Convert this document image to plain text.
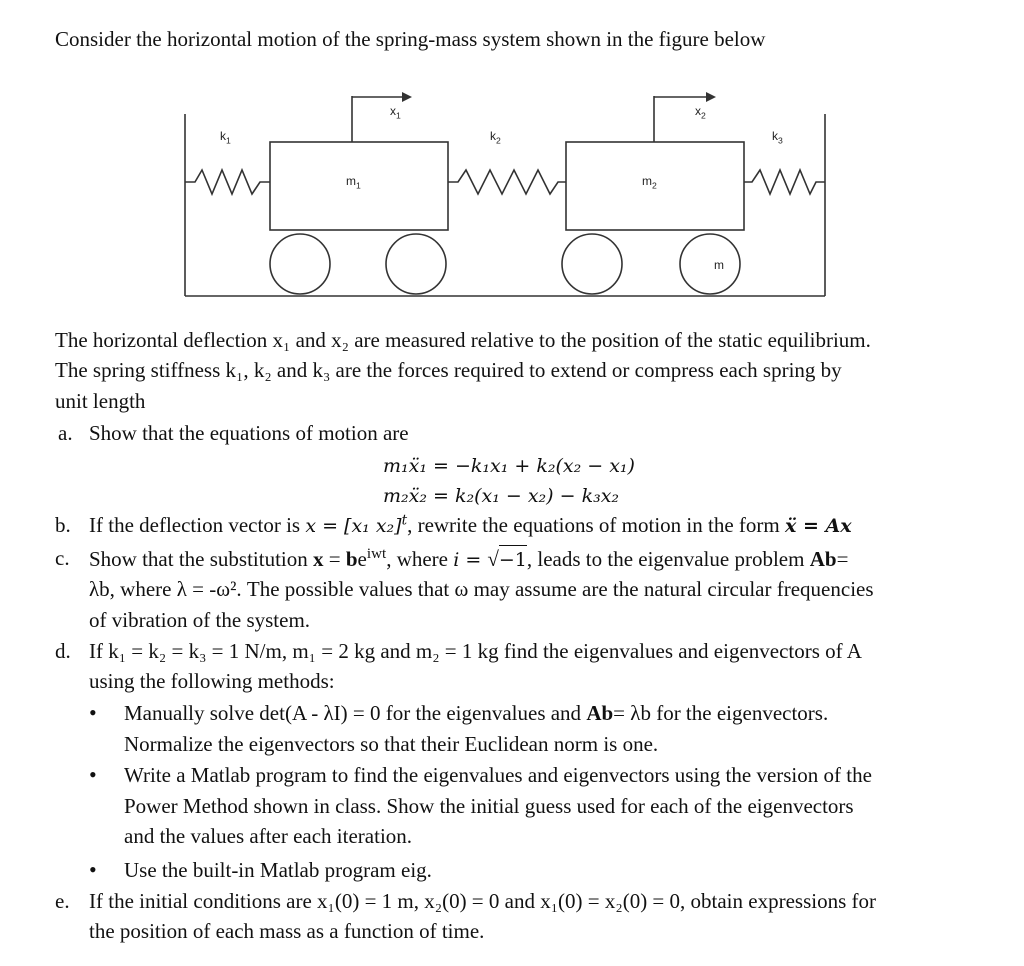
Consider the horizontal motion of the spring-mass system shown in the figure below
$x_1$	$x_2$
$k_1$	$k_2$	$k_3$
$m_1$	$m_2$
m
The horizontal deflection x₁ and x₂ are measured relative to the position of the static equilibrium.
The spring stiffness k₁, k₂ and k₃ are the forces required to extend or compress each spring by
unit length
a. Show that the equations of motion are
m₁ẍ₁ = −k₁x₁ + k₂(x₂ − x₁)
m₂ẍ₂ = k₂(x₁ − x₂) − k₃x₂
b. If the deflection vector is x = [x₁ x₂]$^t$, rewrite the equations of motion in the form ẍ = Ax
c. Show that the substitution $x = be^{iwt}$, where i = √−1, leads to the eigenvalue problem Ab=
λb, where λ = -ω². The possible values that ω may assume are the natural circular frequencies
of vibration of the system.
d. If k₁ = k₂ = k₃ = 1 N/m, m₁ = 2 kg and m₂ = 1 kg find the eigenvalues and eigenvectors of A
using the following methods:
• Manually solve det(A - λI) = 0 for the eigenvalues and Ab= λb for the eigenvectors.
Normalize the eigenvectors so that their Euclidean norm is one.
• Write a Matlab program to find the eigenvalues and eigenvectors using the version of the
Power Method shown in class. Show the initial guess used for each of the eigenvectors
and the values after each iteration.
• Use the built-in Matlab program eig.
e. If the initial conditions are x₁(0) = 1 m, x₂(0) = 0 and x₁(0) = x₂(0) = 0, obtain expressions for
the position of each mass as a function of time.
